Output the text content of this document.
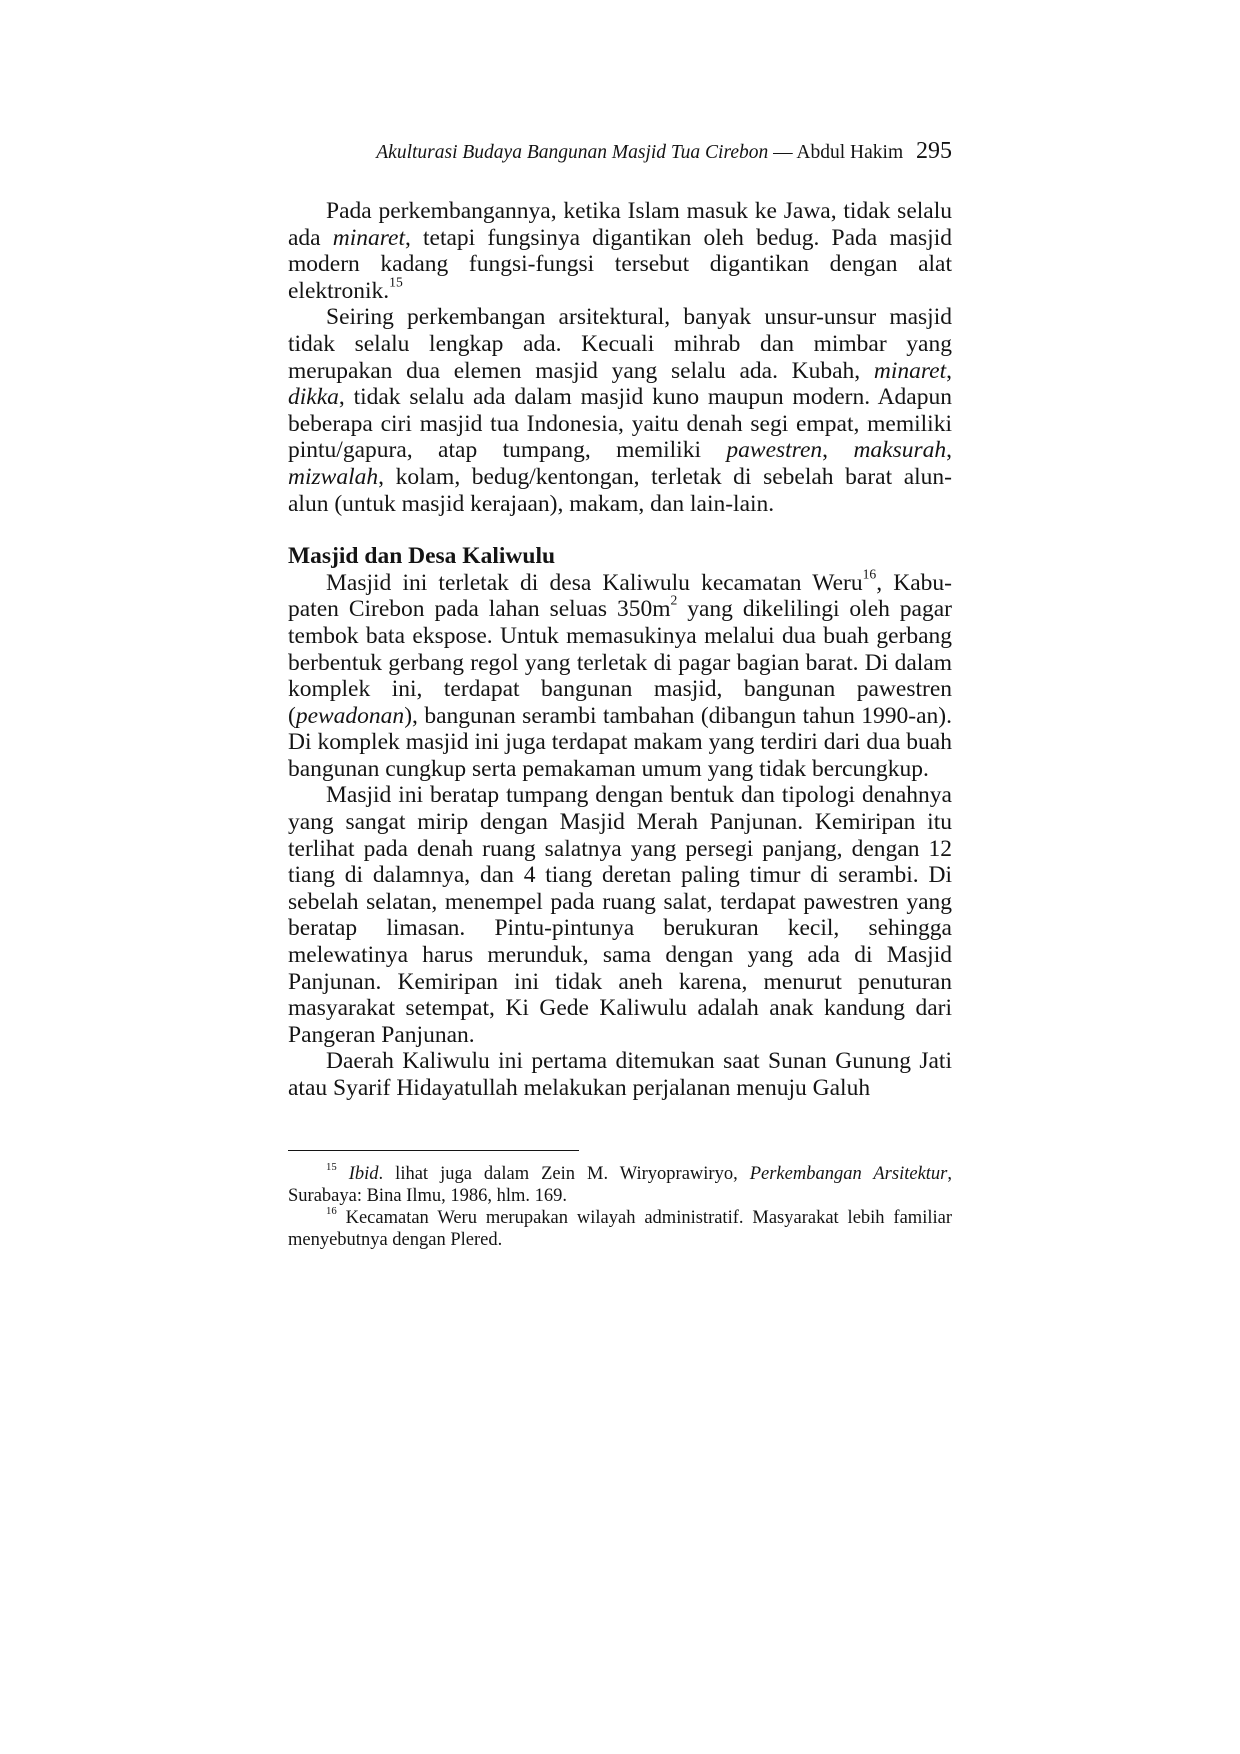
Akulturasi Budaya Bangunan Masjid Tua Cirebon — Abdul Hakim 295

Pada perkembangannya, ketika Islam masuk ke Jawa, tidak selalu ada minaret, tetapi fungsinya digantikan oleh bedug. Pada masjid modern kadang fungsi-fungsi tersebut digantikan dengan alat elektronik.$^{15}$

Seiring perkembangan arsitektural, banyak unsur-unsur masjid tidak selalu lengkap ada. Kecuali mihrab dan mimbar yang merupakan dua elemen masjid yang selalu ada. Kubah, minaret, dikka, tidak selalu ada dalam masjid kuno maupun modern. Adapun beberapa ciri masjid tua Indonesia, yaitu denah segi empat, memiliki pintu/gapura, atap tumpang, memiliki pawestren, maksurah, mizwalah, kolam, bedug/kentongan, terletak di sebelah barat alun-alun (untuk masjid kerajaan), makam, dan lain-lain.

Masjid dan Desa Kaliwulu

Masjid ini terletak di desa Kaliwulu kecamatan Weru$^{16}$, Kabupaten Cirebon pada lahan seluas $350m^2$ yang dikelilingi oleh pagar tembok bata ekspose. Untuk memasukinya melalui dua buah gerbang berbentuk gerbang regol yang terletak di pagar bagian barat. Di dalam komplek ini, terdapat bangunan masjid, bangunan pawestren (pewadonan), bangunan serambi tambahan (dibangun tahun 1990-an). Di komplek masjid ini juga terdapat makam yang terdiri dari dua buah bangunan cungkup serta pemakaman umum yang tidak bercungkup.

Masjid ini beratap tumpang dengan bentuk dan tipologi denahnya yang sangat mirip dengan Masjid Merah Panjunan. Kemiripan itu terlihat pada denah ruang salatnya yang persegi panjang, dengan 12 tiang di dalamnya, dan 4 tiang deretan paling timur di serambi. Di sebelah selatan, menempel pada ruang salat, terdapat pawestren yang beratap limasan. Pintu-pintunya berukuran kecil, sehingga melewatinya harus merunduk, sama dengan yang ada di Masjid Panjunan. Kemiripan ini tidak aneh karena, menurut penuturan masyarakat setempat, Ki Gede Kaliwulu adalah anak kandung dari Pangeran Panjunan.

Daerah Kaliwulu ini pertama ditemukan saat Sunan Gunung Jati atau Syarif Hidayatullah melakukan perjalanan menuju Galuh

$^{15}$ Ibid. lihat juga dalam Zein M. Wiryoprawiryo, Perkembangan Arsitektur, Surabaya: Bina Ilmu, 1986, hlm. 169.

$^{16}$ Kecamatan Weru merupakan wilayah administratif. Masyarakat lebih familiar menyebutnya dengan Plered.
